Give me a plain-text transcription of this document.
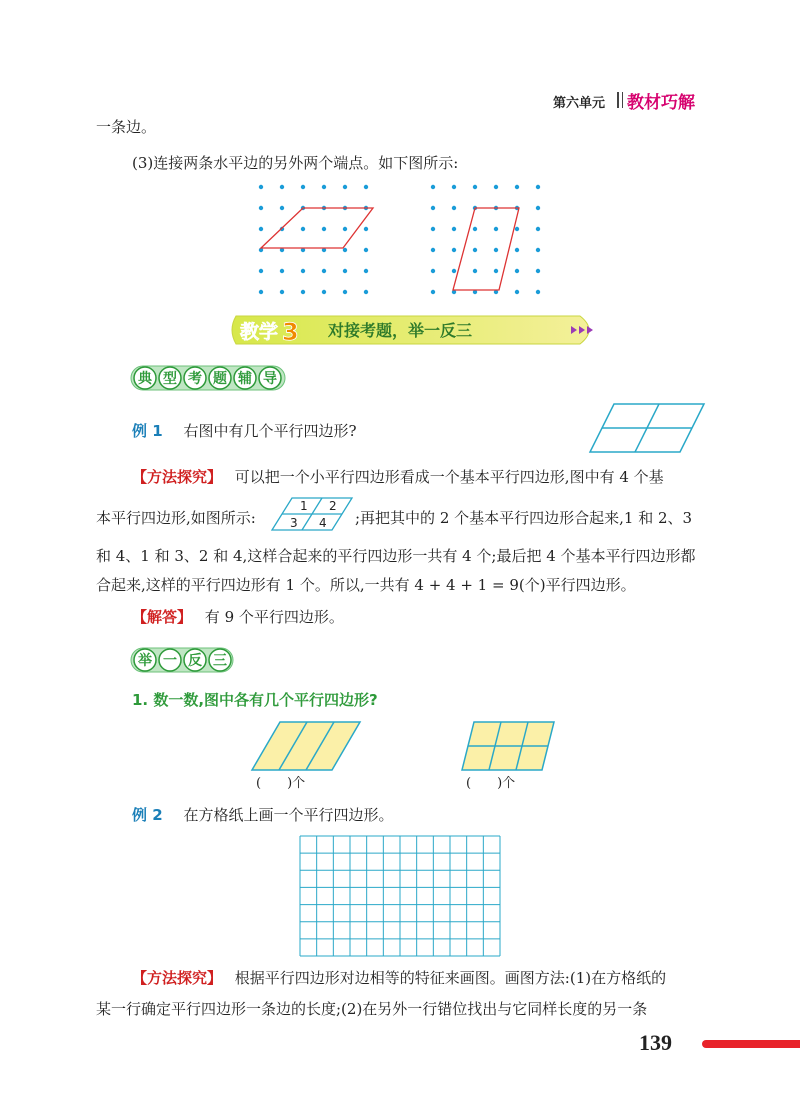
第六单元 教材巧解
一条边。
(3)连接两条水平边的另外两个端点。如下图所示:
教学 3 对接考题，举一反三
典 型 考 题 辅 导
例 1 右图中有几个平行四边形?
【方法探究】 可以把一个小平行四边形看成一个基本平行四边形,图中有 4 个基
本平行四边形,如图所示:
1 2
3 4 ;再把其中的 2 个基本平行四边形合起来,1 和 2、3
和 4、1 和 3、2 和 4,这样合起来的平行四边形一共有 4 个;最后把 4 个基本平行四边形都
合起来,这样的平行四边形有 1 个。所以,一共有 4 + 4 + 1 = 9(个)平行四边形。
【解答】 有 9 个平行四边形。
举 一 反 三
1. 数一数,图中各有几个平行四边形?
(　　)个	(　　)个
例 2 在方格纸上画一个平行四边形。
【方法探究】 根据平行四边形对边相等的特征来画图。画图方法:(1)在方格纸的
某一行确定平行四边形一条边的长度;(2)在另外一行错位找出与它同样长度的另一条
139
